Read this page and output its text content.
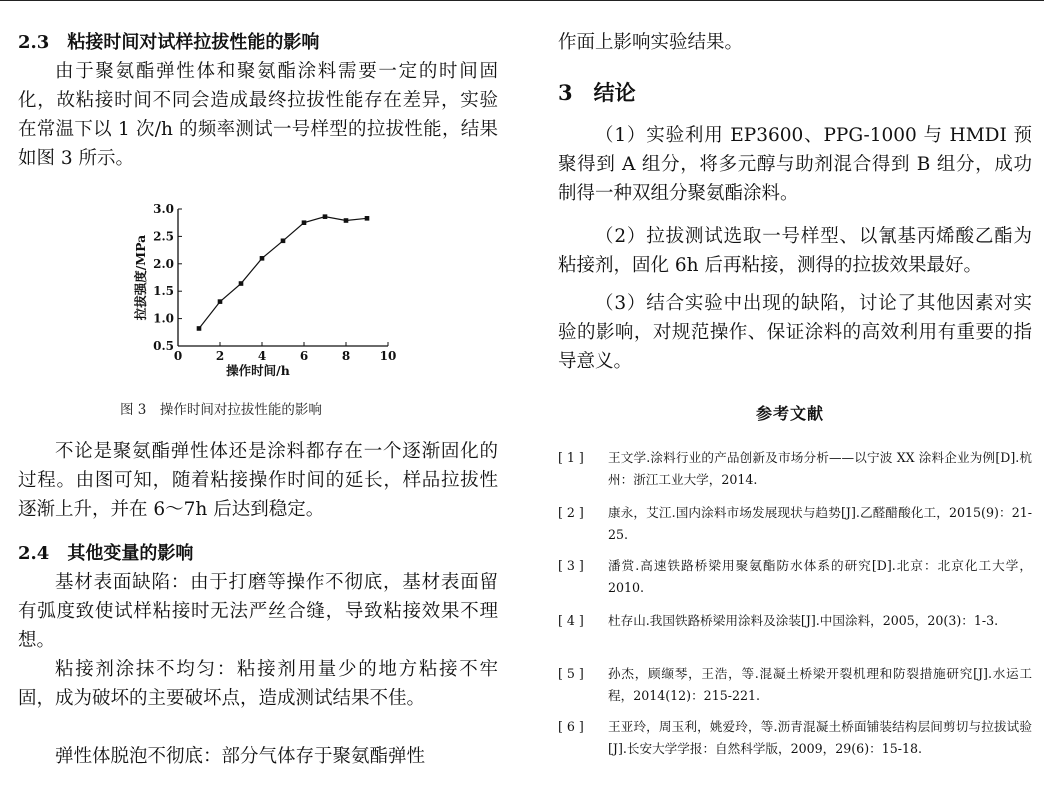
2.3　粘接时间对试样拉拔性能的影响

由于聚氨酯弹性体和聚氨酯涂料需要一定的时间固化，故粘接时间不同会造成最终拉拔性能存在差异，实验在常温下以 1 次/h 的频率测试一号样型的拉拔性能，结果如图 3 所示。

0	2	4	6	8 10
0.5
1.0
1.5
2.0
2.5
3.0
操作时间/h
拉拔强度/MPa
图 3　操作时间对拉拔性能的影响

不论是聚氨酯弹性体还是涂料都存在一个逐渐固化的过程。由图可知，随着粘接操作时间的延长，样品拉拔性逐渐上升，并在 6～7h 后达到稳定。

2.4　其他变量的影响

基材表面缺陷：由于打磨等操作不彻底，基材表面留有弧度致使试样粘接时无法严丝合缝，导致粘接效果不理想。

粘接剂涂抹不均匀：粘接剂用量少的地方粘接不牢固，成为破坏的主要破坏点，造成测试结果不佳。

弹性体脱泡不彻底：部分气体存于聚氨酯弹性

作面上影响实验结果。

3　结论

（1）实验利用 EP3600、PPG-1000 与 HMDI 预聚得到 A 组分，将多元醇与助剂混合得到 B 组分，成功制得一种双组分聚氨酯涂料。

（2）拉拔测试选取一号样型、以氰基丙烯酸乙酯为粘接剂，固化 6h 后再粘接，测得的拉拔效果最好。

（3）结合实验中出现的缺陷，讨论了其他因素对实验的影响，对规范操作、保证涂料的高效利用有重要的指导意义。

参考文献
[ 1 ] 王文学.涂料行业的产品创新及市场分析——以宁波 XX 涂料企业为例[D].杭州：浙江工业大学，2014.
[ 2 ] 康永，艾江.国内涂料市场发展现状与趋势[J].乙醛醋酸化工，2015(9)：21-25.
[ 3 ] 潘赏.高速铁路桥梁用聚氨酯防水体系的研究[D].北京：北京化工大学，2010.
[ 4 ] 杜存山.我国铁路桥梁用涂料及涂装[J].中国涂料，2005，20(3)：1-3.
[ 5 ] 孙杰，顾缬琴，王浩，等.混凝土桥梁开裂机理和防裂措施研究[J].水运工程，2014(12)：215-221.
[ 6 ] 王亚玲，周玉利，姚爱玲，等.沥青混凝土桥面铺装结构层间剪切与拉拔试验[J].长安大学学报：自然科学版，2009，29(6)：15-18.
